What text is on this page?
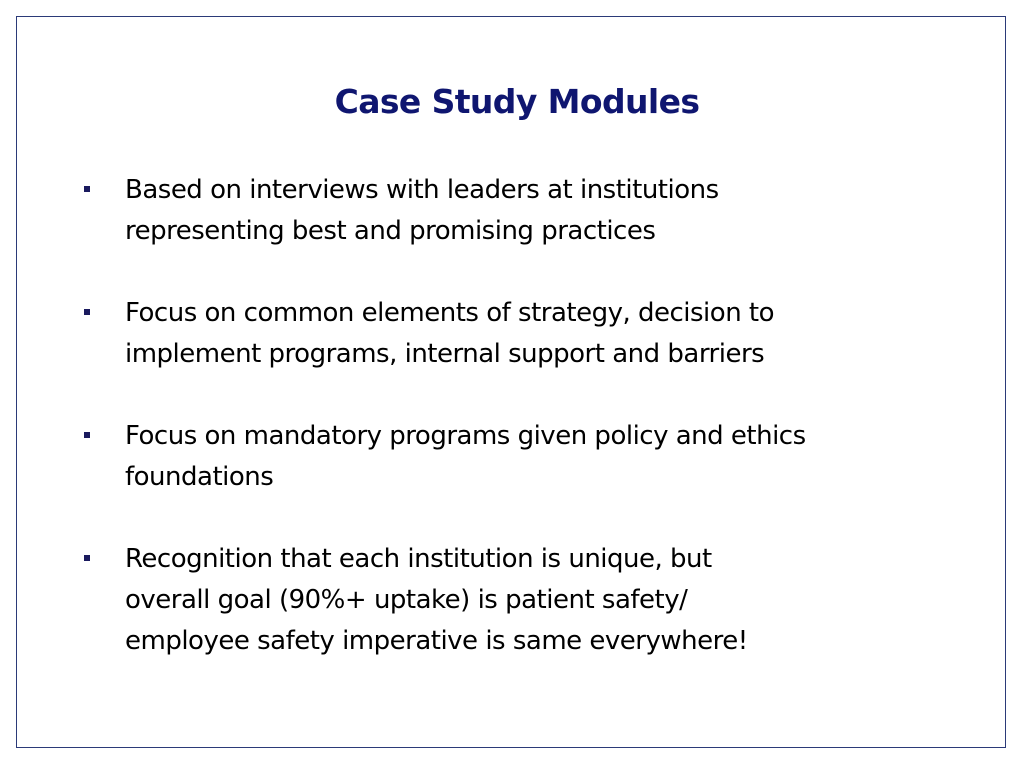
Case Study Modules
Based on interviews with leaders at institutions
representing best and promising practices
Focus on common elements of strategy, decision to
implement programs, internal support and barriers
Focus on mandatory programs given policy and ethics
foundations
Recognition that each institution is unique, but
overall goal (90%+ uptake) is patient safety/
employee safety imperative is same everywhere!
